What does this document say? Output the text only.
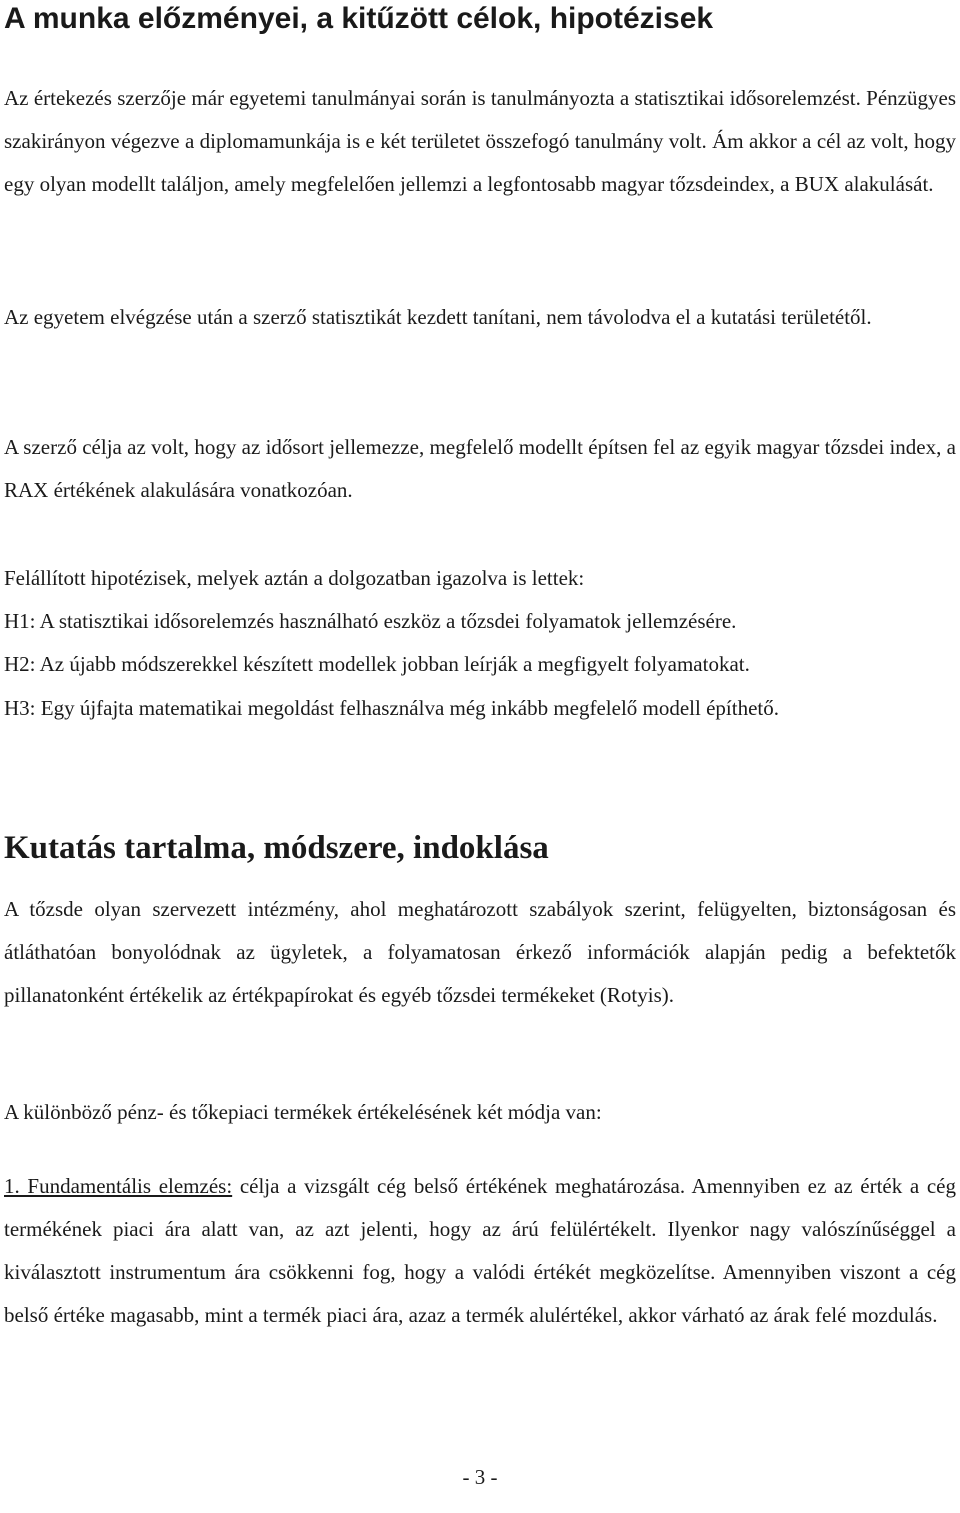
A munka előzményei, a kitűzött célok, hipotézisek
Az értekezés szerzője már egyetemi tanulmányai során is tanulmányozta a statisztikai idősorelemzést. Pénzügyes szakirányon végezve a diplomamunkája is e két területet összefogó tanulmány volt. Ám akkor a cél az volt, hogy egy olyan modellt találjon, amely megfelelően jellemzi a legfontosabb magyar tőzsdeindex, a BUX alakulását.
Az egyetem elvégzése után a szerző statisztikát kezdett tanítani, nem távolodva el a kutatási területétől.
A szerző célja az volt, hogy az idősort jellemezze, megfelelő modellt építsen fel az egyik magyar tőzsdei index, a RAX értékének alakulására vonatkozóan.
Felállított hipotézisek, melyek aztán a dolgozatban igazolva is lettek:
H1: A statisztikai idősorelemzés használható eszköz a tőzsdei folyamatok jellemzésére.
H2: Az újabb módszerekkel készített modellek jobban leírják a megfigyelt folyamatokat.
H3: Egy újfajta matematikai megoldást felhasználva még inkább megfelelő modell építhető.
Kutatás tartalma, módszere, indoklása
A tőzsde olyan szervezett intézmény, ahol meghatározott szabályok szerint, felügyelten, biztonságosan és átláthatóan bonyolódnak az ügyletek, a folyamatosan érkező információk alapján pedig a befektetők pillanatonként értékelik az értékpapírokat és egyéb tőzsdei termékeket (Rotyis).
A különböző pénz- és tőkepiaci termékek értékelésének két módja van:
1. Fundamentális elemzés: célja a vizsgált cég belső értékének meghatározása. Amennyiben ez az érték a cég termékének piaci ára alatt van, az azt jelenti, hogy az árú felülértékelt. Ilyenkor nagy valószínűséggel a kiválasztott instrumentum ára csökkenni fog, hogy a valódi értékét megközelítse. Amennyiben viszont a cég belső értéke magasabb, mint a termék piaci ára, azaz a termék alulértékel, akkor várható az árak felé mozdulás.
- 3 -
